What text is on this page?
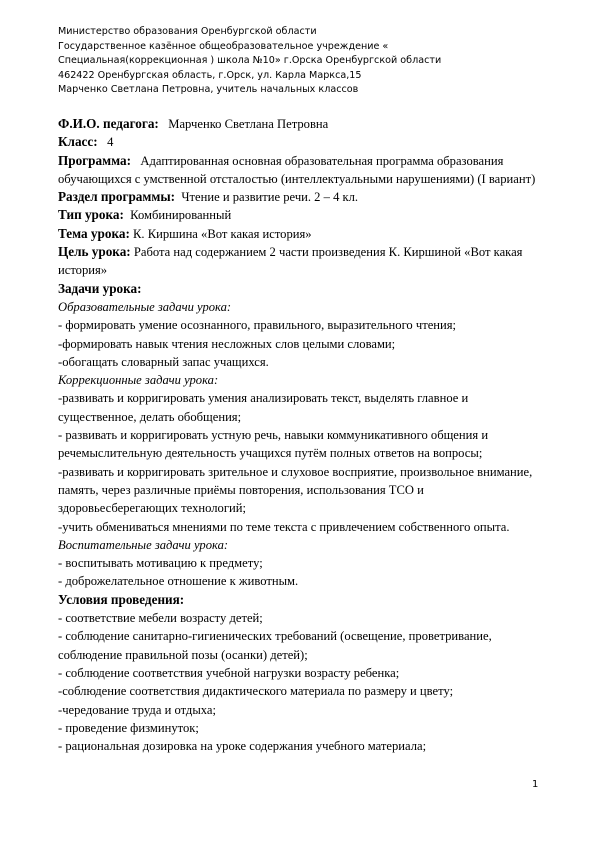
Министерство образования Оренбургской области
Государственное казённое общеобразовательное учреждение «
Специальная(коррекционная ) школа №10» г.Орска Оренбургской области
462422 Оренбургская область, г.Орск, ул. Карла Маркса,15
Марченко Светлана Петровна, учитель начальных классов

Ф.И.О. педагога: Марченко Светлана Петровна

Класс: 4

Программа: Адаптированная основная образовательная программа образования обучающихся с умственной отсталостью (интеллектуальными нарушениями) (I вариант)

Раздел программы: Чтение и развитие речи. 2 – 4 кл.

Тип урока: Комбинированный

Тема урока: К. Киршина «Вот какая история»

Цель урока: Работа над содержанием 2 части произведения К. Киршиной «Вот какая история»

Задачи урока:

Образовательные задачи урока:

- формировать умение осознанного, правильного, выразительного чтения;

-формировать навык чтения несложных слов целыми словами;

-обогащать словарный запас учащихся.

Коррекционные задачи урока:

-развивать и корригировать умения анализировать текст, выделять главное и существенное, делать обобщения;

- развивать и корригировать устную речь, навыки коммуникативного общения и речемыслительную деятельность учащихся путём полных ответов на вопросы;

-развивать и корригировать зрительное и слуховое восприятие, произвольное внимание, память, через различные приёмы повторения, использования ТСО и здоровьесберегающих технологий;

-учить обмениваться мнениями по теме текста с привлечением собственного опыта.

Воспитательные задачи урока:

- воспитывать мотивацию к предмету;

- доброжелательное отношение к животным.

Условия проведения:

- соответствие мебели возрасту детей;

- соблюдение санитарно-гигиенических требований (освещение, проветривание, соблюдение правильной позы (осанки) детей);

- соблюдение соответствия учебной нагрузки возрасту ребенка;

-соблюдение соответствия дидактического материала по размеру и цвету;

-чередование труда и отдыха;

- проведение физминуток;

- рациональная дозировка на уроке содержания учебного материала;

1
